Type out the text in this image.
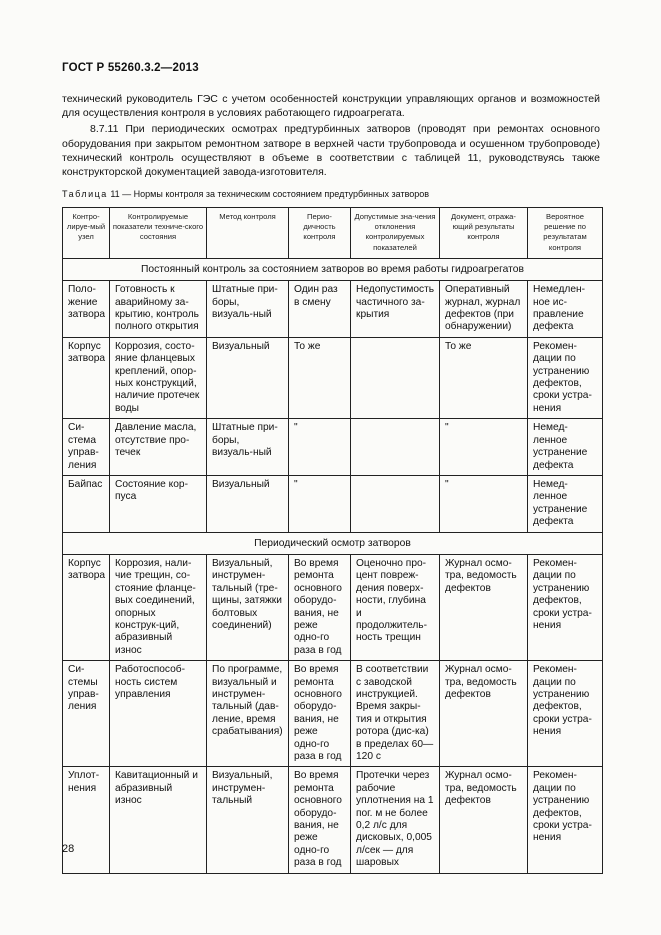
ГОСТ Р 55260.3.2—2013

технический руководитель ГЭС с учетом особенностей конструкции управляющих органов и возможностей для осуществления контроля в условиях работающего гидроагрегата.

8.7.11 При периодических осмотрах предтурбинных затворов (проводят при ремонтах основного оборудования при закрытом ремонтном затворе в верхней части трубопровода и осушенном трубопроводе) технический контроль осуществляют в объеме в соответствии с таблицей 11, руководствуясь также конструкторской документацией завода-изготовителя.

Таблица 11 — Нормы контроля за техническим состоянием предтурбинных затворов
Контро-лируе-мый узел	Контролируемые показатели техниче-ского состояния	Метод контроля	Перио-дичность контроля	Допустимые зна-чения отклонения контролируемых показателей	Документ, отража-ющий результаты контроля	Вероятное решение по результатам контроля
Постоянный контроль за состоянием затворов во время работы гидроагрегатов						
Поло-жение затвора	Готовность к аварийному за-крытию, контроль полного открытия	Штатные при-боры, визуаль-ный	Один раз в смену	Недопустимость частичного за-крытия	Оперативный журнал, журнал дефектов (при обнаружении)	Немедлен-ное ис-правление дефекта
Корпус затвора	Коррозия, состо-яние фланцевых креплений, опор-ных конструкций, наличие протечек воды	Визуальный	То же		То же	Рекомен-дации по устранению дефектов, сроки устра-нения
Си-стема управ-ления	Давление масла, отсутствие про-течек	Штатные при-боры, визуаль-ный	"		"	Немед-ленное устранение дефекта
Байпас	Состояние кор-пуса	Визуальный	"		"	Немед-ленное устранение дефекта
Периодический осмотр затворов						
Корпус затвора	Коррозия, нали-чие трещин, со-стояние фланце-вых соединений, опорных конструк-ций, абразивный износ	Визуальный, инструмен-тальный (тре-щины, затяжки болтовых соединений)	Во время ремонта основного оборудо-вания, не реже одно-го раза в год	Оценочно про-цент повреж-дения поверх-ности, глубина и продолжитель-ность трещин	Журнал осмо-тра, ведомость дефектов	Рекомен-дации по устранению дефектов, сроки устра-нения
Си-стемы управ-ления	Работоспособ-ность систем управления	По программе, визуальный и инструмен-тальный (дав-ление, время срабатывания)	Во время ремонта основного оборудо-вания, не реже одно-го раза в год	В соответствии с заводской инструкцией. Время закры-тия и открытия ротора (дис-ка) в пределах 60—120 с	Журнал осмо-тра, ведомость дефектов	Рекомен-дации по устранению дефектов, сроки устра-нения
Уплот-нения	Кавитационный и абразивный износ	Визуальный, инструмен-тальный	Во время ремонта основного оборудо-вания, не реже одно-го раза в год	Протечки через рабочие уплотнения на 1 пог. м не более 0,2 л/с для дисковых, 0,005 л/сек — для шаровых	Журнал осмо-тра, ведомость дефектов	Рекомен-дации по устранению дефектов, сроки устра-нения
28
